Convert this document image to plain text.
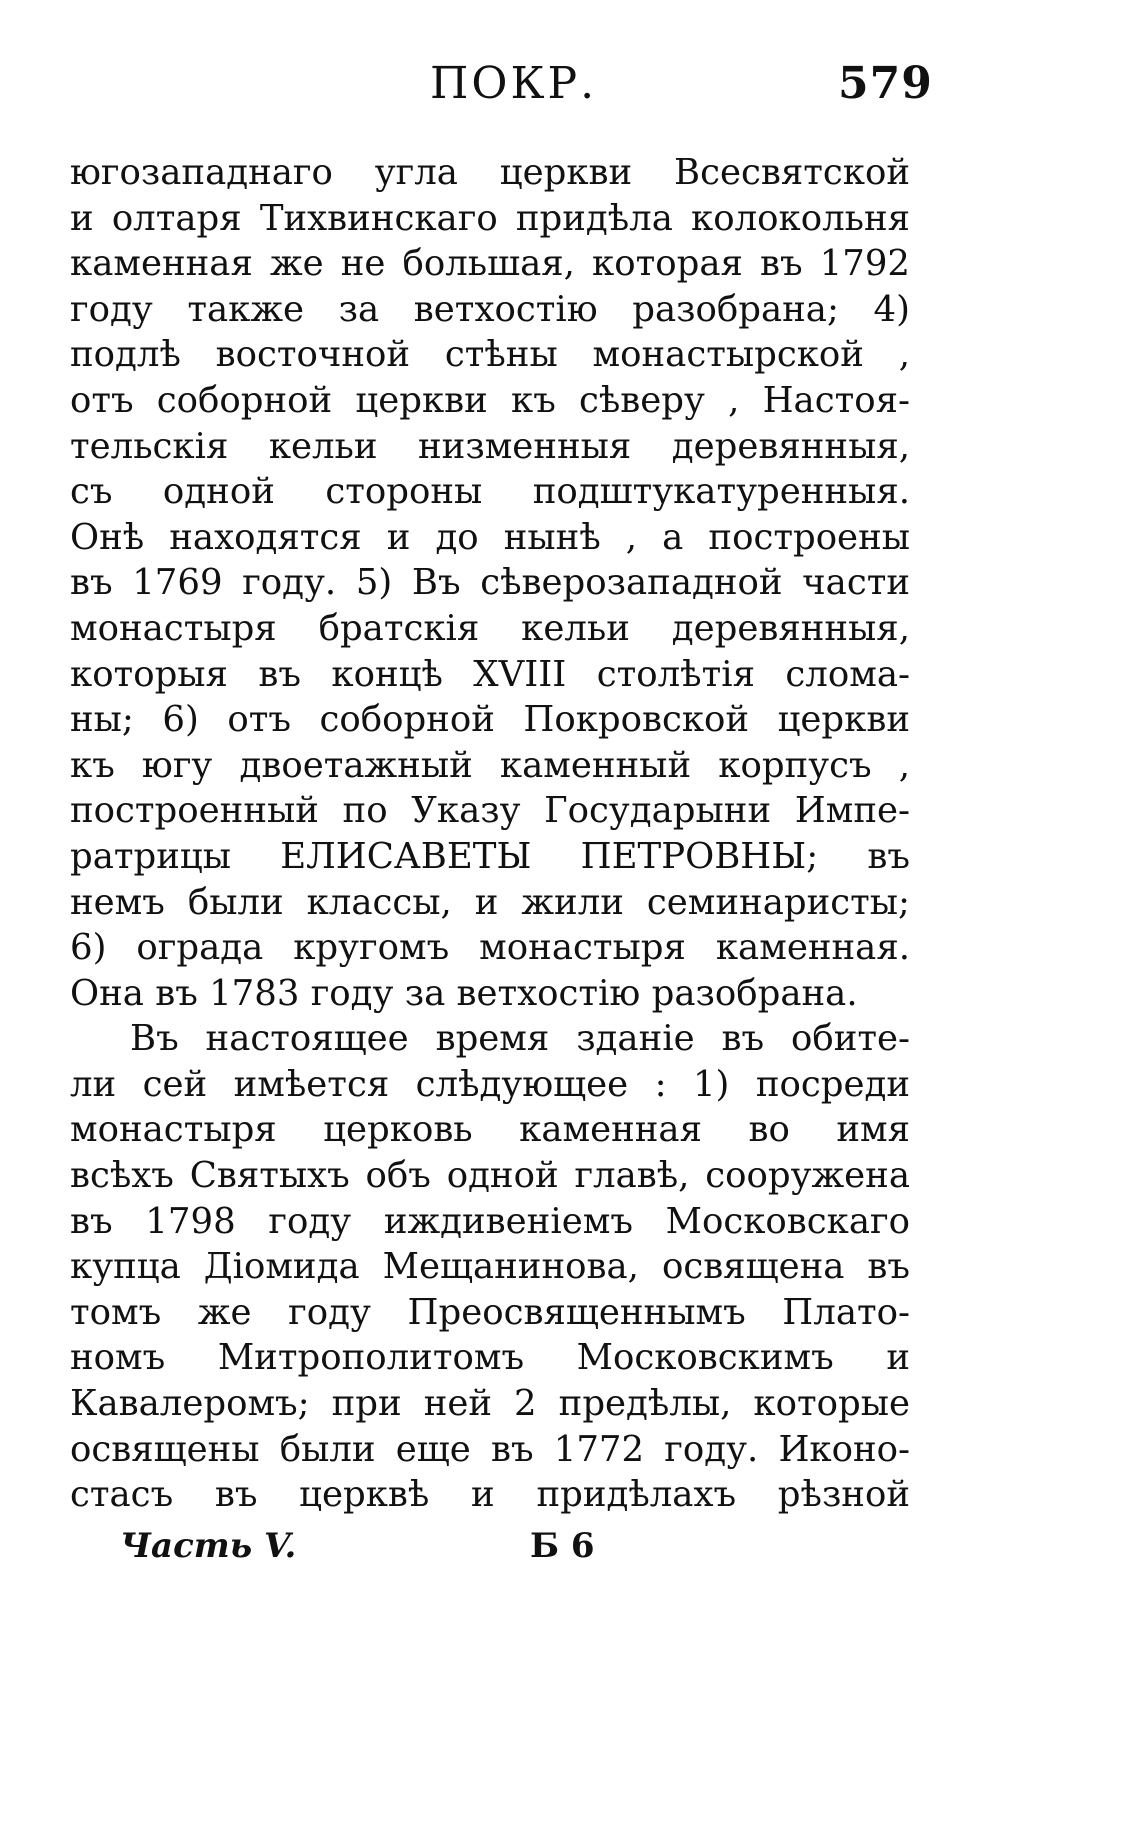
ПОКР.	579
югозападнаго угла церкви Всесвятской
и олтаря Тихвинскаго придѣла колокольня
каменная же не большая, которая въ 1792
году также за ветхостію разобрана; 4)
подлѣ восточной стѣны монастырской ,
отъ соборной церкви къ сѣверу , Настоя-
тельскія кельи низменныя деревянныя,
съ одной стороны подштукатуренныя.
Онѣ находятся и до нынѣ , а построены
въ 1769 году. 5) Въ сѣверозападной части
монастыря братскія кельи деревянныя,
которыя въ концѣ XVIII столѣтія слома-
ны; 6) отъ соборной Покровской церкви
къ югу двоетажный каменный корпусъ ,
построенный по Указу Государыни Импе-
ратрицы ЕЛИСАВЕТЫ ПЕТРОВНЫ; въ
немъ были классы, и жили семинаристы;
6) ограда кругомъ монастыря каменная.
Она въ 1783 году за ветхостію разобрана.
Въ настоящее время зданіе въ обите-
ли сей имѣется слѣдующее : 1) посреди
монастыря церковь каменная во имя
всѣхъ Святыхъ объ одной главѣ, сооружена
въ 1798 году иждивеніемъ Московскаго
купца Діомида Мещанинова, освящена въ
томъ же году Преосвященнымъ Плато-
номъ Митрополитомъ Московскимъ и
Кавалеромъ; при ней 2 предѣлы, которые
освящены были еще въ 1772 году. Иконо-
стасъ въ церквѣ и придѣлахъ рѣзной
Часть V.	Б 6
